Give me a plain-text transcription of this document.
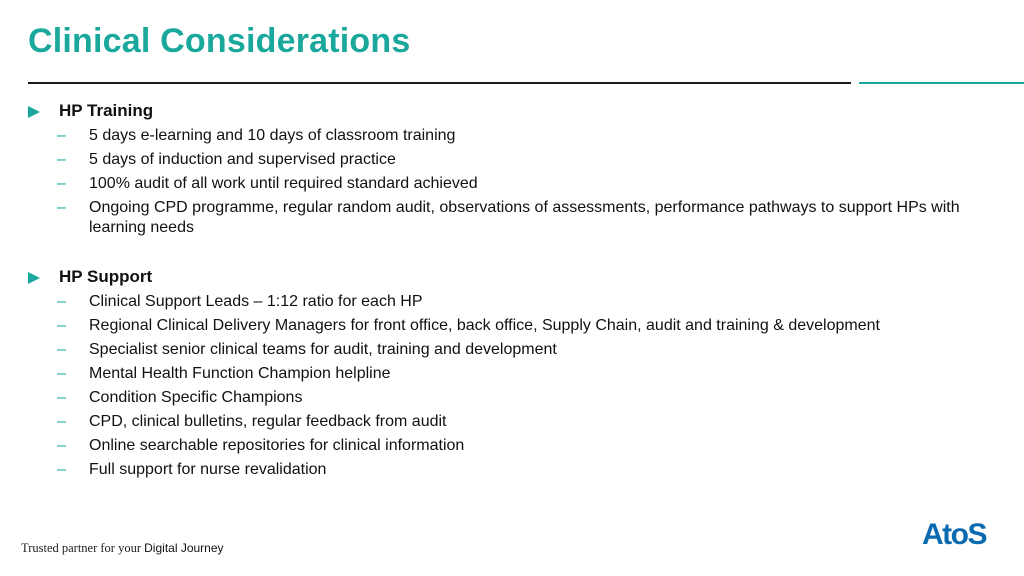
Clinical Considerations
HP Training
–	5 days e-learning and 10 days of classroom training
–	5 days of induction and supervised practice
–	100% audit of all work until required standard achieved
–	Ongoing CPD programme, regular random audit, observations of assessments, performance pathways to support HPs with learning needs
HP Support
–	Clinical Support Leads – 1:12 ratio for each HP
–	Regional Clinical Delivery Managers for front office, back office, Supply Chain, audit and training & development
–	Specialist senior clinical teams for audit, training and development
–	Mental Health Function Champion helpline
–	Condition Specific Champions
–	CPD, clinical bulletins, regular feedback from audit
–	Online searchable repositories for clinical information
–	Full support for nurse revalidation
Trusted partner for your Digital Journey	AtoS
